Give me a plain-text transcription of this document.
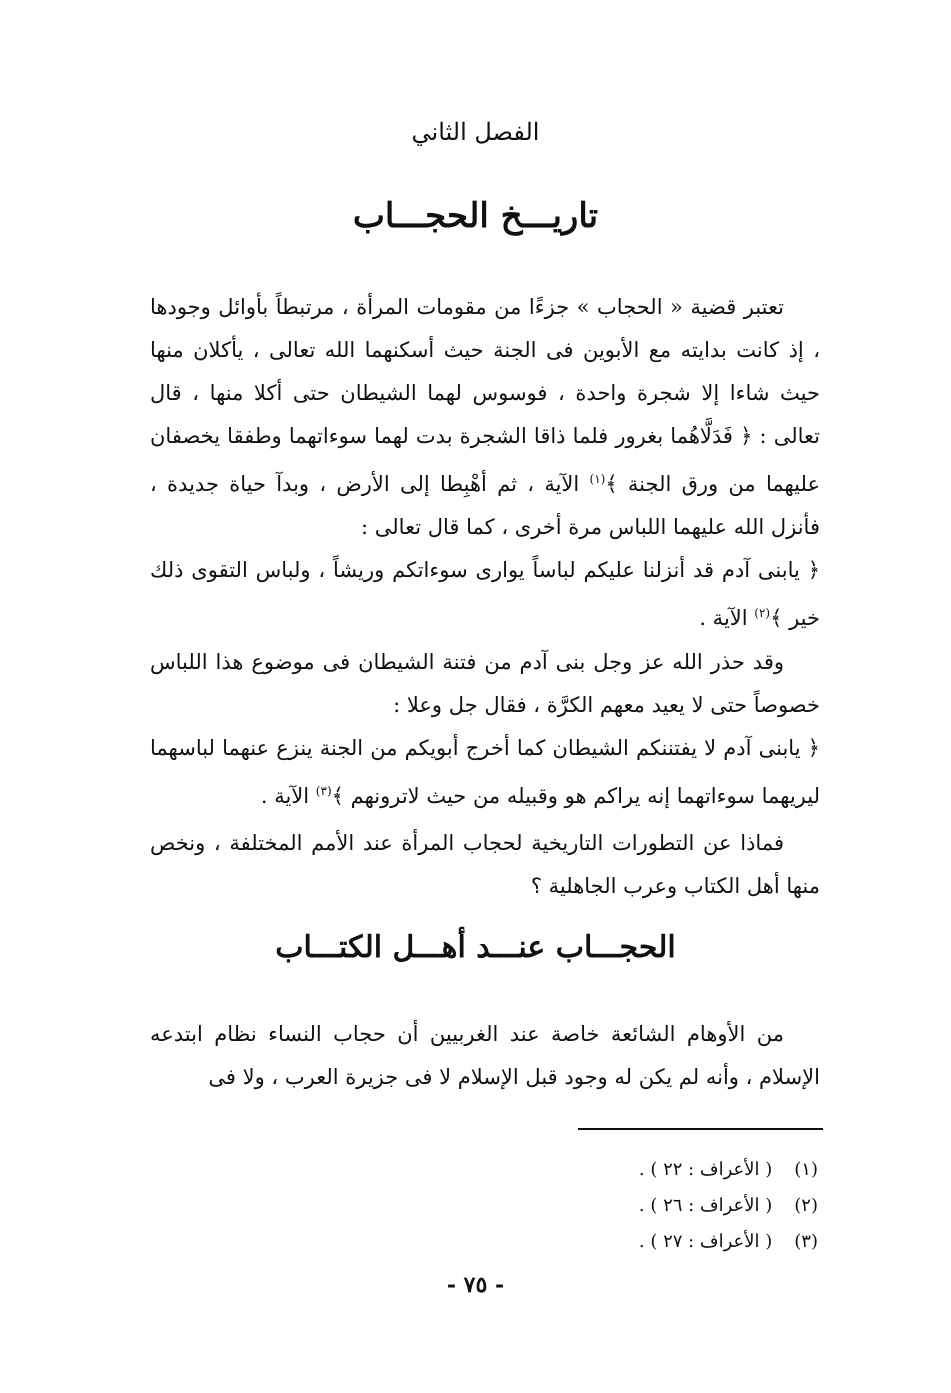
الفصل الثاني
تاريـــخ الحجـــاب

تعتبر قضية « الحجاب » جزءًا من مقومات المرأة ، مرتبطاً بأوائل وجودها ، إذ كانت بدايته مع الأبوين فى الجنة حيث أسكنهما الله تعالى ، يأكلان منها حيث شاءا إلا شجرة واحدة ، فوسوس لهما الشيطان حتى أكلا منها ، قال تعالى : ﴿ فَدَلَّاهُما بغرور فلما ذاقا الشجرة بدت لهما سوءاتهما وطفقا يخصفان عليهما من ورق الجنة ﴾$^{(١)}$ الآية ، ثم أهْبِطا إلى الأرض ، وبدآ حياة جديدة ، فأنزل الله عليهما اللباس مرة أخرى ، كما قال تعالى :

﴿ يابنى آدم قد أنزلنا عليكم لباساً يوارى سوءاتكم وريشاً ، ولباس التقوى ذلك خير ﴾$^{(٢)}$ الآية .

وقد حذر الله عز وجل بنى آدم من فتنة الشيطان فى موضوع هذا اللباس خصوصاً حتى لا يعيد معهم الكرَّة ، فقال جل وعلا :

﴿ يابنى آدم لا يفتننكم الشيطان كما أخرج أبويكم من الجنة ينزع عنهما لباسهما ليريهما سوءاتهما إنه يراكم هو وقبيله من حيث لاترونهم ﴾$^{(٣)}$ الآية .

فماذا عن التطورات التاريخية لحجاب المرأة عند الأمم المختلفة ، ونخص منها أهل الكتاب وعرب الجاهلية ؟

الحجـــاب عنـــد أهـــل الكتـــاب

من الأوهام الشائعة خاصة عند الغربيين أن حجاب النساء نظام ابتدعه الإسلام ، وأنه لم يكن له وجود قبل الإسلام لا فى جزيرة العرب ، ولا فى

(١) ( الأعراف : ٢٢ ) .
(٢) ( الأعراف : ٢٦ ) .
(٣) ( الأعراف : ٢٧ ) .
- ٧٥ -
